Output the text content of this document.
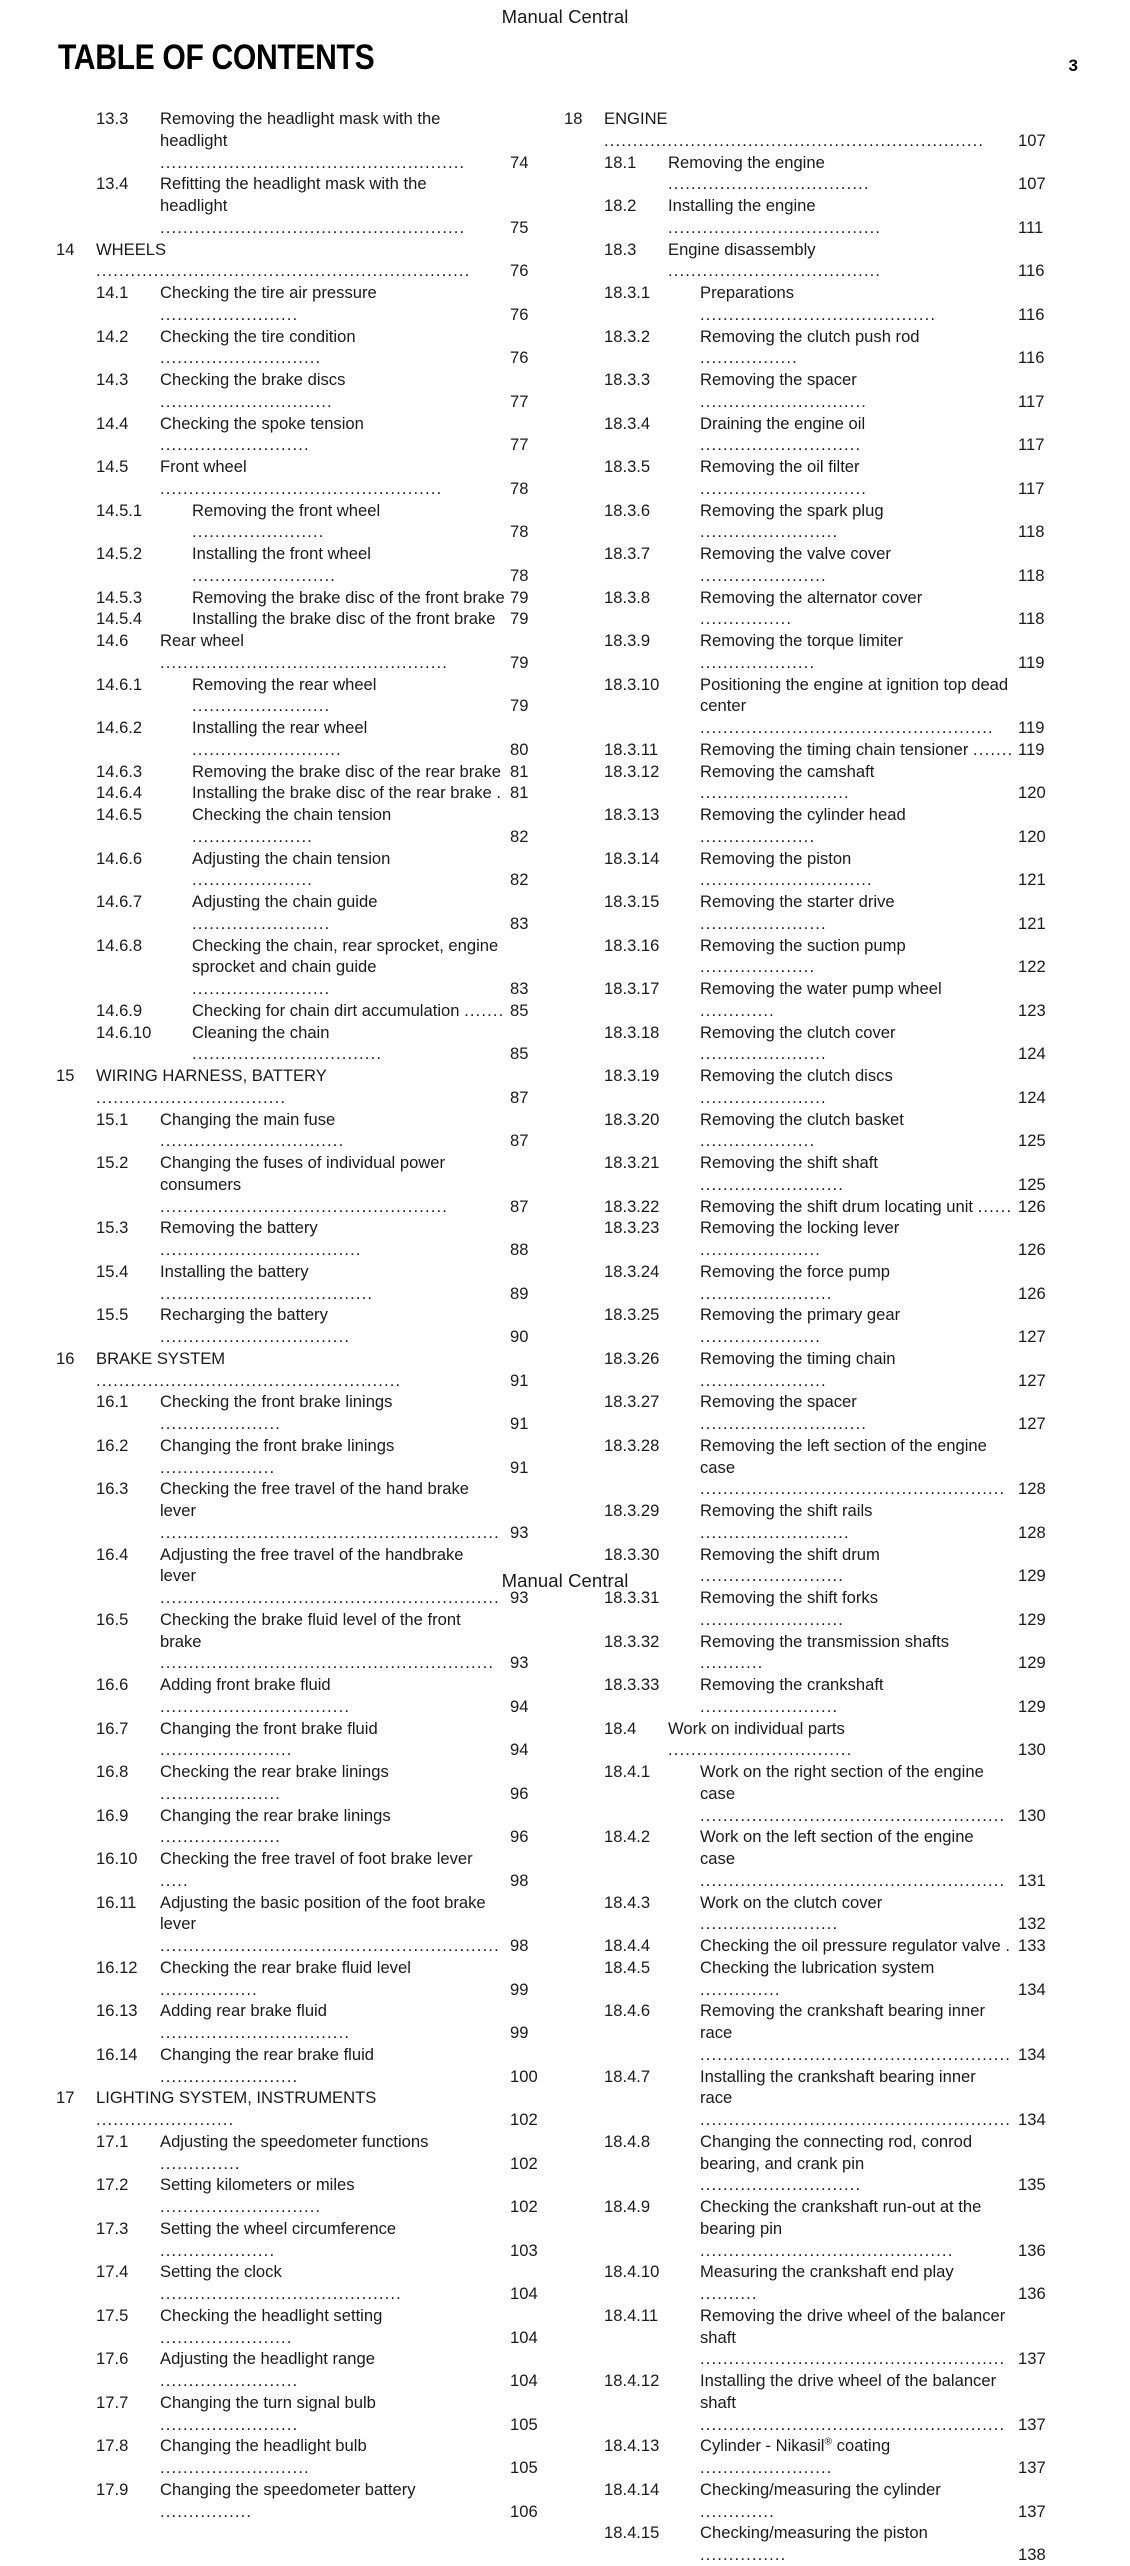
Manual Central
TABLE OF CONTENTS	3
13.3	Removing the headlight mask with the
headlight .....................................................	74
13.4	Refitting the headlight mask with the
headlight .....................................................	75
14	WHEELS .................................................................	76
14.1	Checking the tire air pressure ........................	76
14.2	Checking the tire condition ............................	76
14.3	Checking the brake discs ..............................	77
14.4	Checking the spoke tension ..........................	77
14.5	Front wheel .................................................	78
14.5.1	Removing the front wheel .......................	78
14.5.2	Installing the front wheel .........................	78
14.5.3	Removing the brake disc of the front brake 79
14.5.4	Installing the brake disc of the front brake 79
14.6	Rear wheel ..................................................	79
14.6.1	Removing the rear wheel ........................	79
14.6.2	Installing the rear wheel ..........................	80
14.6.3	Removing the brake disc of the rear brake 81
14.6.4	Installing the brake disc of the rear brake . 81
14.6.5	Checking the chain tension .....................	82
14.6.6	Adjusting the chain tension .....................	82
14.6.7	Adjusting the chain guide ........................	83
14.6.8	Checking the chain, rear sprocket, engine
sprocket and chain guide ........................	83
14.6.9	Checking for chain dirt accumulation ....... 85
14.6.10	Cleaning the chain .................................	85
15	WIRING HARNESS, BATTERY .................................	87
15.1	Changing the main fuse ................................	87
15.2	Changing the fuses of individual power
consumers ..................................................	87
15.3	Removing the battery ...................................	88
15.4	Installing the battery .....................................	89
15.5	Recharging the battery .................................	90
16	BRAKE SYSTEM .....................................................	91
16.1	Checking the front brake linings .....................	91
16.2	Changing the front brake linings ....................	91
16.3	Checking the free travel of the hand brake
lever ........................................................... 93
16.4	Adjusting the free travel of the handbrake
lever ........................................................... 93
16.5	Checking the brake fluid level of the front
brake .......................................................... 93
16.6	Adding front brake fluid .................................	94
16.7	Changing the front brake fluid .......................	94
16.8	Checking the rear brake linings .....................	96
16.9	Changing the rear brake linings .....................	96
16.10	Checking the free travel of foot brake lever .....	98
16.11	Adjusting the basic position of the foot brake
lever ........................................................... 98
16.12	Checking the rear brake fluid level .................	99
16.13	Adding rear brake fluid .................................	99
16.14	Changing the rear brake fluid ........................	100
17	LIGHTING SYSTEM, INSTRUMENTS ........................	102
17.1	Adjusting the speedometer functions ..............	102
17.2	Setting kilometers or miles ............................	102
17.3	Setting the wheel circumference ....................	103
17.4	Setting the clock ..........................................	104
17.5	Checking the headlight setting .......................	104
17.6	Adjusting the headlight range ........................	104
17.7	Changing the turn signal bulb ........................	105
17.8	Changing the headlight bulb ..........................	105
17.9	Changing the speedometer battery ................	106
18	ENGINE ..................................................................	107
18.1	Removing the engine ...................................	107
18.2	Installing the engine .....................................	111
18.3	Engine disassembly .....................................	116
18.3.1	Preparations .........................................	116
18.3.2	Removing the clutch push rod .................	116
18.3.3	Removing the spacer .............................	117
18.3.4	Draining the engine oil ............................	117
18.3.5	Removing the oil filter .............................	117
18.3.6	Removing the spark plug ........................	118
18.3.7	Removing the valve cover ......................	118
18.3.8	Removing the alternator cover ................	118
18.3.9	Removing the torque limiter ....................	119
18.3.10	Positioning the engine at ignition top dead
center ...................................................	119
18.3.11	Removing the timing chain tensioner ....... 119
18.3.12	Removing the camshaft ..........................	120
18.3.13	Removing the cylinder head ....................	120
18.3.14	Removing the piston ..............................	121
18.3.15	Removing the starter drive ......................	121
18.3.16	Removing the suction pump ....................	122
18.3.17	Removing the water pump wheel .............	123
18.3.18	Removing the clutch cover ......................	124
18.3.19	Removing the clutch discs ......................	124
18.3.20	Removing the clutch basket ....................	125
18.3.21	Removing the shift shaft .........................	125
18.3.22	Removing the shift drum locating unit ...... 126
18.3.23	Removing the locking lever .....................	126
18.3.24	Removing the force pump .......................	126
18.3.25	Removing the primary gear .....................	127
18.3.26	Removing the timing chain ......................	127
18.3.27	Removing the spacer .............................	127
18.3.28	Removing the left section of the engine
case ..................................................... 128
18.3.29	Removing the shift rails ..........................	128
18.3.30	Removing the shift drum .........................	129
18.3.31	Removing the shift forks .........................	129
18.3.32	Removing the transmission shafts ...........	129
18.3.33	Removing the crankshaft ........................	129
18.4	Work on individual parts ................................	130
18.4.1	Work on the right section of the engine
case ..................................................... 130
18.4.2	Work on the left section of the engine
case ..................................................... 131
18.4.3	Work on the clutch cover ........................	132
18.4.4	Checking the oil pressure regulator valve . 133
18.4.5	Checking the lubrication system ..............	134
18.4.6	Removing the crankshaft bearing inner
race ...................................................... 134
18.4.7	Installing the crankshaft bearing inner
race ...................................................... 134
18.4.8	Changing the connecting rod, conrod
bearing, and crank pin ............................	135
18.4.9	Checking the crankshaft run-out at the
bearing pin ............................................	136
18.4.10	Measuring the crankshaft end play ..........	136
18.4.11	Removing the drive wheel of the balancer
shaft ..................................................... 137
18.4.12	Installing the drive wheel of the balancer
shaft ..................................................... 137
18.4.13	Cylinder - Nikasil® coating .......................	137
18.4.14	Checking/measuring the cylinder .............	137
18.4.15	Checking/measuring the piston ...............	138
Manual Central
